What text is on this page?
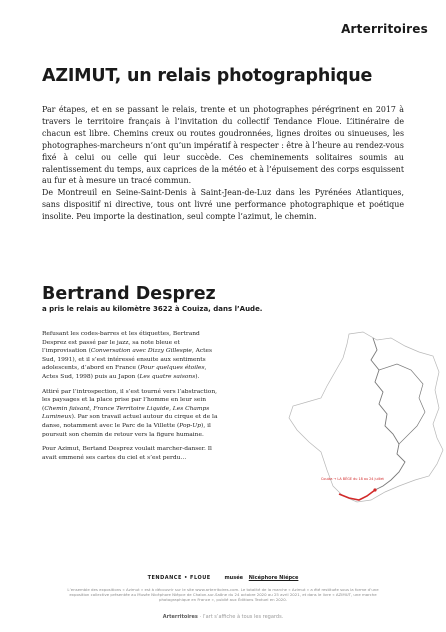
Arterritoires
AZIMUT, un relais photographique

Par étapes, et en se passant le relais, trente et un photographes pérégrinent en 2017 à travers le territoire français à l’invitation du collectif Tendance Floue. L’itinéraire de chacun est libre. Chemins creux ou routes goudronnées, lignes droites ou sinueuses, les photographes-marcheurs n’ont qu’un impératif à respecter : être à l’heure au rendez-vous fixé à celui ou celle qui leur succède. Ces cheminements solitaires soumis au ralentissement du temps, aux caprices de la météo et à l’épuisement des corps esquissent au fur et à mesure un tracé commun.

De Montreuil en Seine-Saint-Denis à Saint-Jean-de-Luz dans les Pyrénées Atlantiques, sans dispositif ni directive, tous ont livré une performance photographique et poétique insolite. Peu importe la destination, seul compte l’azimut, le chemin.

Bertrand Desprez

a pris le relais au kilomètre 3622 à Couiza, dans l’Aude.

Refusant les codes-barres et les étiquettes, Bertrand Desprez est passé par le jazz, sa note bleue et l’improvisation (Conversation avec Dizzy Gillespie, Actes Sud, 1991), et il s’est intéressé ensuite aux sentiments adolescents, d’abord en France (Pour quelques étoiles, Actes Sud, 1998) puis au Japon (Les quatre saisons).

Attiré par l’introspection, il s’est tourné vers l’abstraction, les paysages et la place prise par l’homme en leur sein (Chemin faisant, France Territoire Liquide, Les Champs Lumineux). Par son travail actuel autour du cirque et de la danse, notamment avec le Parc de la Villette (Pop-Up), il poursuit son chemin de retour vers la figure humaine.

Pour Azimut, Bertand Desprez voulait marcher-danser. Il avait emmené ses cartes du ciel et s’est perdu…

Couiza → LA BÈGE du 18 au 24 juillet
TENDANCE • FLOUE	musée Nicéphore Niépce
L’ensemble des expositions « Azimut » est à découvrir sur le site www.arterritoires.com. Le totalité de la marche « Azimut » a été restituée sous la forme d’une exposition collective présentée au Musée Nicéphore Niépce de Chalon-sur-Saône du 24 octobre 2020 au 25 avril 2021, et dans le livre « AZIMUT, une marche photographique en France », publié aux Éditions Textuel en 2020.
Arterritoires · l’art s’affiche à tous les regards.
